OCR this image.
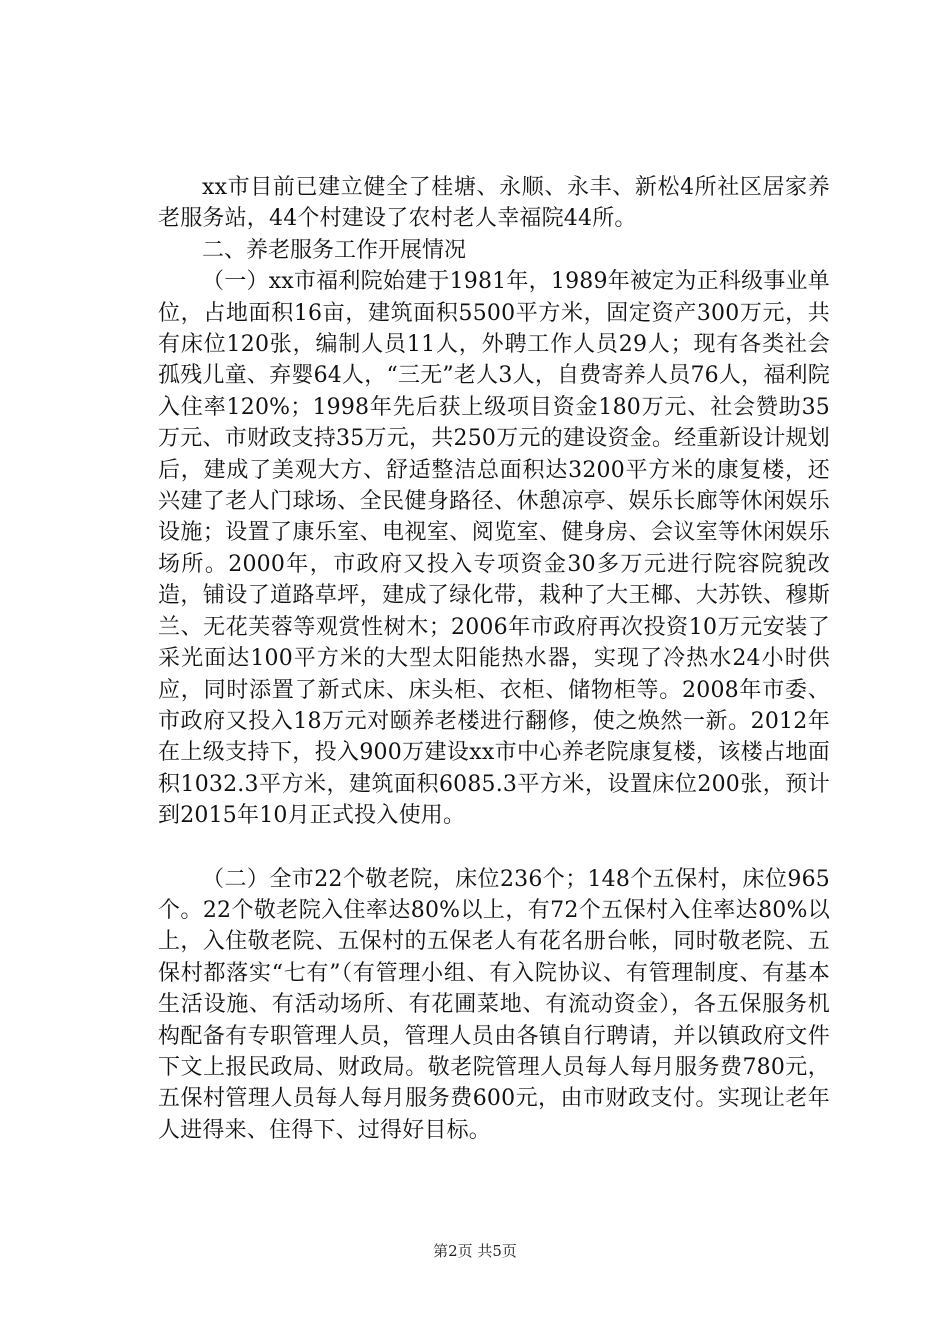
xx市目前已建立健全了桂塘、永顺、永丰、新松4所社区居家养老服务站，44个村建设了农村老人幸福院44所。

二、养老服务工作开展情况

（一）xx市福利院始建于1981年，1989年被定为正科级事业单位，占地面积16亩，建筑面积5500平方米，固定资产300万元，共有床位120张，编制人员11人，外聘工作人员29人；现有各类社会孤残儿童、弃婴64人，“三无”老人3人，自费寄养人员76人，福利院入住率120%；1998年先后获上级项目资金180万元、社会赞助35万元、市财政支持35万元，共250万元的建设资金。经重新设计规划后，建成了美观大方、舒适整洁总面积达3200平方米的康复楼，还兴建了老人门球场、全民健身路径、休憩凉亭、娱乐长廊等休闲娱乐设施；设置了康乐室、电视室、阅览室、健身房、会议室等休闲娱乐场所。2000年，市政府又投入专项资金30多万元进行院容院貌改造，铺设了道路草坪，建成了绿化带，栽种了大王椰、大苏铁、穆斯兰、无花芙蓉等观赏性树木；2006年市政府再次投资10万元安装了采光面达100平方米的大型太阳能热水器，实现了冷热水24小时供应，同时添置了新式床、床头柜、衣柜、储物柜等。2008年市委、市政府又投入18万元对颐养老楼进行翻修，使之焕然一新。2012年在上级支持下，投入900万建设xx市中心养老院康复楼，该楼占地面积1032.3平方米，建筑面积6085.3平方米，设置床位200张，预计到2015年10月正式投入使用。

（二）全市22个敬老院，床位236个；148个五保村，床位965个。22个敬老院入住率达80%以上，有72个五保村入住率达80%以上，入住敬老院、五保村的五保老人有花名册台帐，同时敬老院、五保村都落实“七有”（有管理小组、有入院协议、有管理制度、有基本生活设施、有活动场所、有花圃菜地、有流动资金），各五保服务机构配备有专职管理人员，管理人员由各镇自行聘请，并以镇政府文件下文上报民政局、财政局。敬老院管理人员每人每月服务费780元，五保村管理人员每人每月服务费600元，由市财政支付。实现让老年人进得来、住得下、过得好目标。

第2页 共5页
